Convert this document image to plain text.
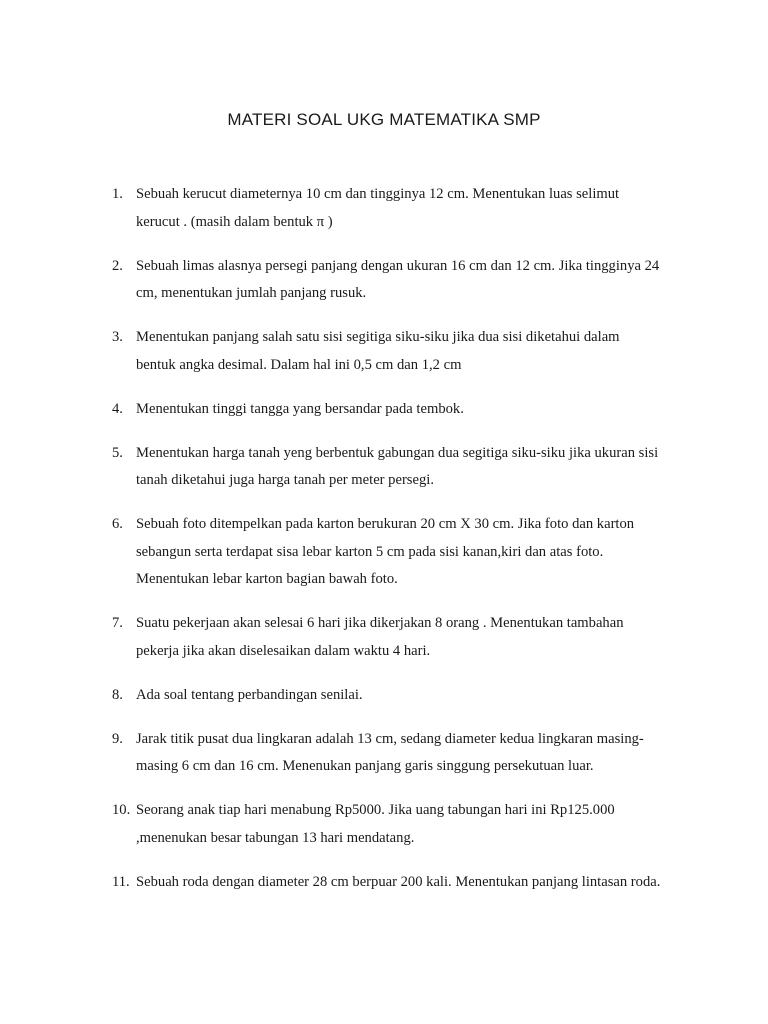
MATERI SOAL UKG MATEMATIKA SMP
1. Sebuah kerucut diameternya 10 cm dan tingginya 12 cm. Menentukan luas selimut
kerucut . (masih dalam bentuk π )

2. Sebuah limas alasnya persegi panjang dengan ukuran 16 cm dan 12 cm. Jika tingginya 24
cm, menentukan jumlah panjang rusuk.

3. Menentukan panjang salah satu sisi segitiga siku-siku jika dua sisi diketahui dalam
bentuk angka desimal. Dalam hal ini 0,5 cm dan 1,2 cm

4. Menentukan tinggi tangga yang bersandar pada tembok.

5. Menentukan harga tanah yeng berbentuk gabungan dua segitiga siku-siku jika ukuran sisi
tanah diketahui juga harga tanah per meter persegi.

6. Sebuah foto ditempelkan pada karton berukuran 20 cm X 30 cm. Jika foto dan karton
sebangun serta terdapat sisa lebar karton 5 cm pada sisi kanan,kiri dan atas foto.
Menentukan lebar karton bagian bawah foto.

7. Suatu pekerjaan akan selesai 6 hari jika dikerjakan 8 orang . Menentukan tambahan
pekerja jika akan diselesaikan dalam waktu 4 hari.

8. Ada soal tentang perbandingan senilai.

9. Jarak titik pusat dua lingkaran adalah 13 cm, sedang diameter kedua lingkaran masing-
masing 6 cm dan 16 cm. Menenukan panjang garis singgung persekutuan luar.

10. Seorang anak tiap hari menabung Rp5000. Jika uang tabungan hari ini Rp125.000
,menenukan besar tabungan 13 hari mendatang.

11. Sebuah roda dengan diameter 28 cm berpuar 200 kali. Menentukan panjang lintasan roda.
